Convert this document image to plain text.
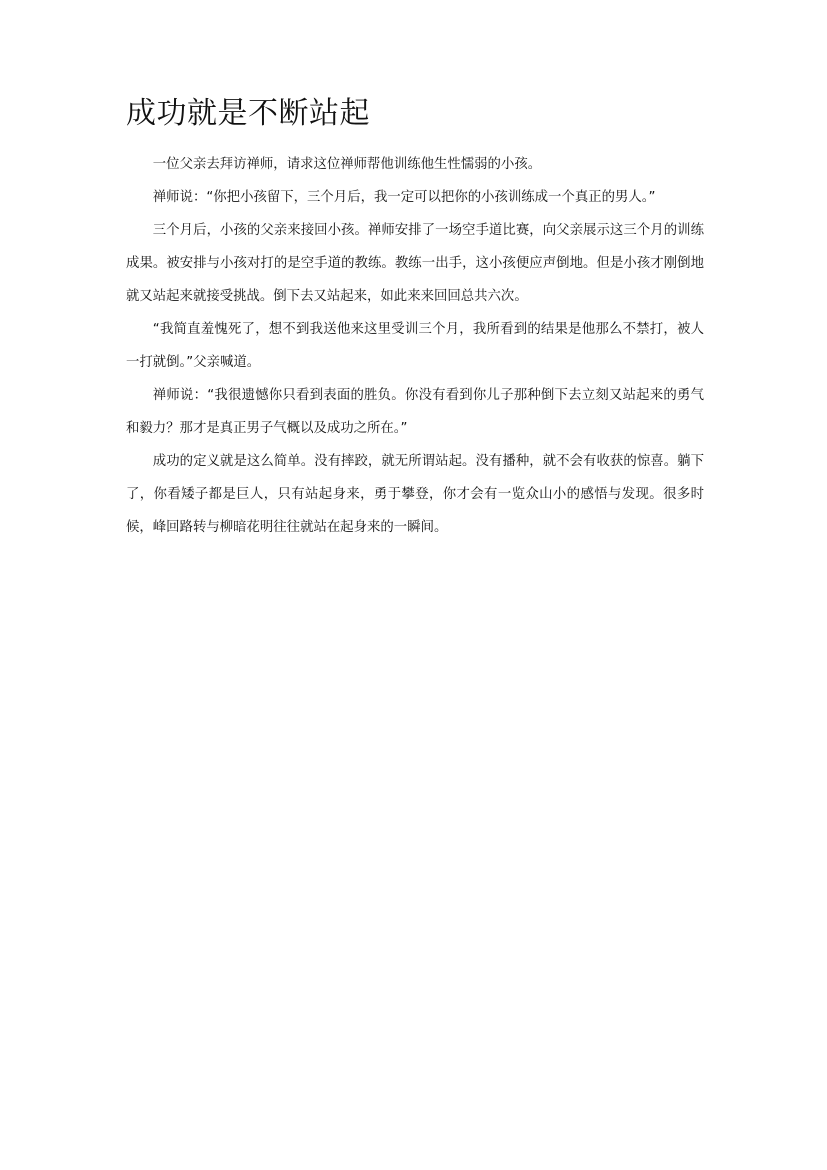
成功就是不断站起

一位父亲去拜访禅师，请求这位禅师帮他训练他生性懦弱的小孩。

禅师说：“你把小孩留下，三个月后，我一定可以把你的小孩训练成一个真正的男人。”

三个月后，小孩的父亲来接回小孩。禅师安排了一场空手道比赛，向父亲展示这三个月的训练成果。被安排与小孩对打的是空手道的教练。教练一出手，这小孩便应声倒地。但是小孩才刚倒地就又站起来就接受挑战。倒下去又站起来，如此来来回回总共六次。

“我简直羞愧死了，想不到我送他来这里受训三个月，我所看到的结果是他那么不禁打，被人一打就倒。”父亲喊道。

禅师说：“我很遗憾你只看到表面的胜负。你没有看到你儿子那种倒下去立刻又站起来的勇气和毅力？那才是真正男子气概以及成功之所在。”

成功的定义就是这么简单。没有摔跤，就无所谓站起。没有播种，就不会有收获的惊喜。躺下了，你看矮子都是巨人，只有站起身来，勇于攀登，你才会有一览众山小的感悟与发现。很多时候，峰回路转与柳暗花明往往就站在起身来的一瞬间。
